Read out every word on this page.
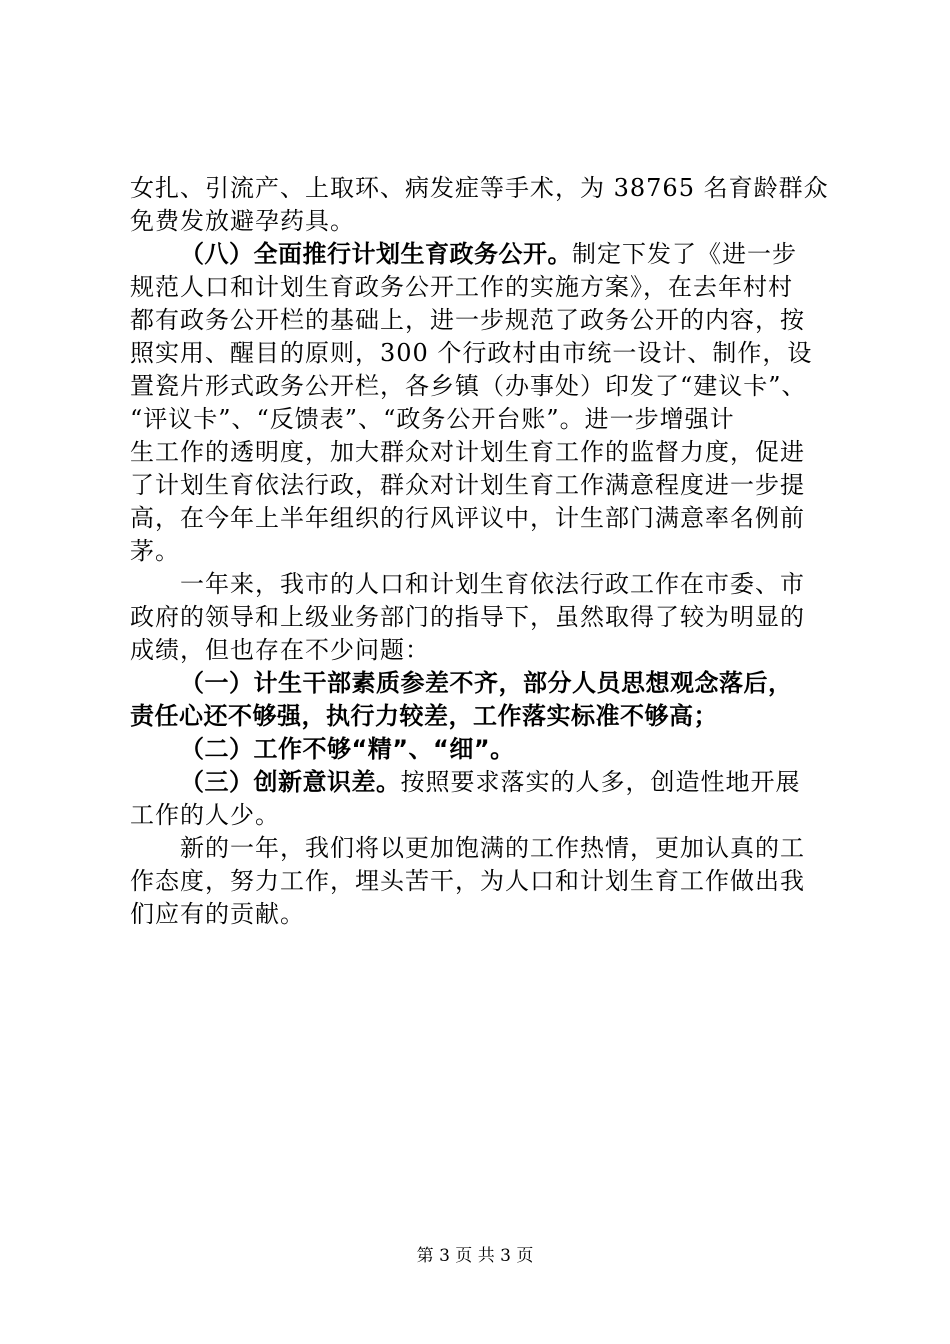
女扎、引流产、上取环、病发症等手术，为 38765 名育龄群众
免费发放避孕药具。
（八）全面推行计划生育政务公开。制定下发了《进一步
规范人口和计划生育政务公开工作的实施方案》，在去年村村
都有政务公开栏的基础上，进一步规范了政务公开的内容，按
照实用、醒目的原则，300 个行政村由市统一设计、制作，设
置瓷片形式政务公开栏，各乡镇（办事处）印发了“建议卡”、
“评议卡”、“反馈表”、“政务公开台账”。进一步增强计
生工作的透明度，加大群众对计划生育工作的监督力度，促进
了计划生育依法行政，群众对计划生育工作满意程度进一步提
高，在今年上半年组织的行风评议中，计生部门满意率名例前
茅。
一年来，我市的人口和计划生育依法行政工作在市委、市
政府的领导和上级业务部门的指导下，虽然取得了较为明显的
成绩，但也存在不少问题：
（一）计生干部素质参差不齐，部分人员思想观念落后，
责任心还不够强，执行力较差，工作落实标准不够高；
（二）工作不够“精”、“细”。
（三）创新意识差。按照要求落实的人多，创造性地开展
工作的人少。
新的一年，我们将以更加饱满的工作热情，更加认真的工
作态度，努力工作，埋头苦干，为人口和计划生育工作做出我
们应有的贡献。
第 3 页 共 3 页
